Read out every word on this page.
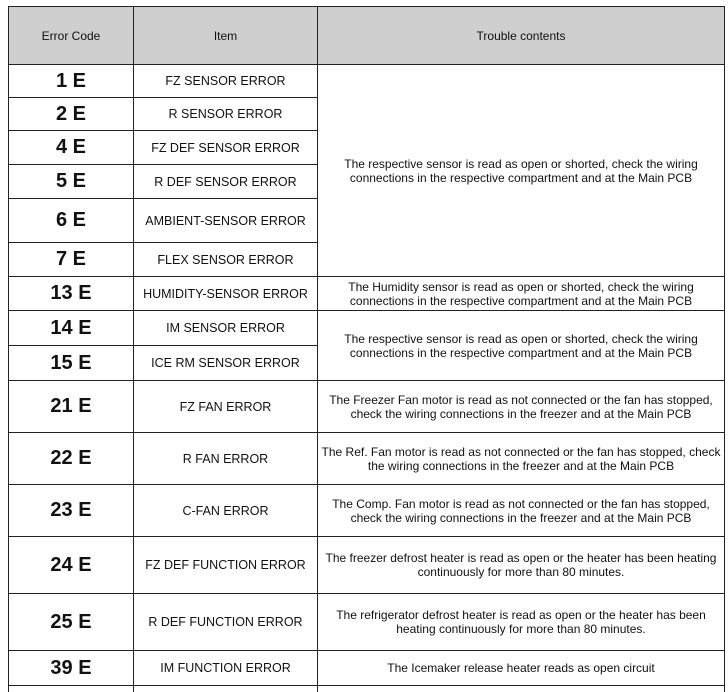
Error Code	Item	Trouble contents
1 E	FZ SENSOR ERROR	The respective sensor is read as open or shorted, check the wiring connections in the respective compartment and at the Main PCB
2 E	R SENSOR ERROR	
4 E	FZ DEF SENSOR ERROR	
5 E	R DEF SENSOR ERROR	
6 E	AMBIENT-SENSOR ERROR	
7 E	FLEX SENSOR ERROR	
13 E	HUMIDITY-SENSOR ERROR	The Humidity sensor is read as open or shorted, check the wiring connections in the respective compartment and at the Main PCB
14 E	IM SENSOR ERROR	The respective sensor is read as open or shorted, check the wiring connections in the respective compartment and at the Main PCB
15 E	ICE RM SENSOR ERROR	
21 E	FZ FAN ERROR	The Freezer Fan motor is read as not connected or the fan has stopped, check the wiring connections in the freezer and at the Main PCB
22 E	R FAN ERROR	The Ref. Fan motor is read as not connected or the fan has stopped, check the wiring connections in the freezer and at the Main PCB
23 E	C-FAN ERROR	The Comp. Fan motor is read as not connected or the fan has stopped, check the wiring connections in the freezer and at the Main PCB
24 E	FZ DEF FUNCTION ERROR	The freezer defrost heater is read as open or the heater has been heating continuously for more than 80 minutes.
25 E	R DEF FUNCTION ERROR	The refrigerator defrost heater is read as open or the heater has been heating continuously for more than 80 minutes.
39 E	IM FUNCTION ERROR	The Icemaker release heater reads as open circuit
